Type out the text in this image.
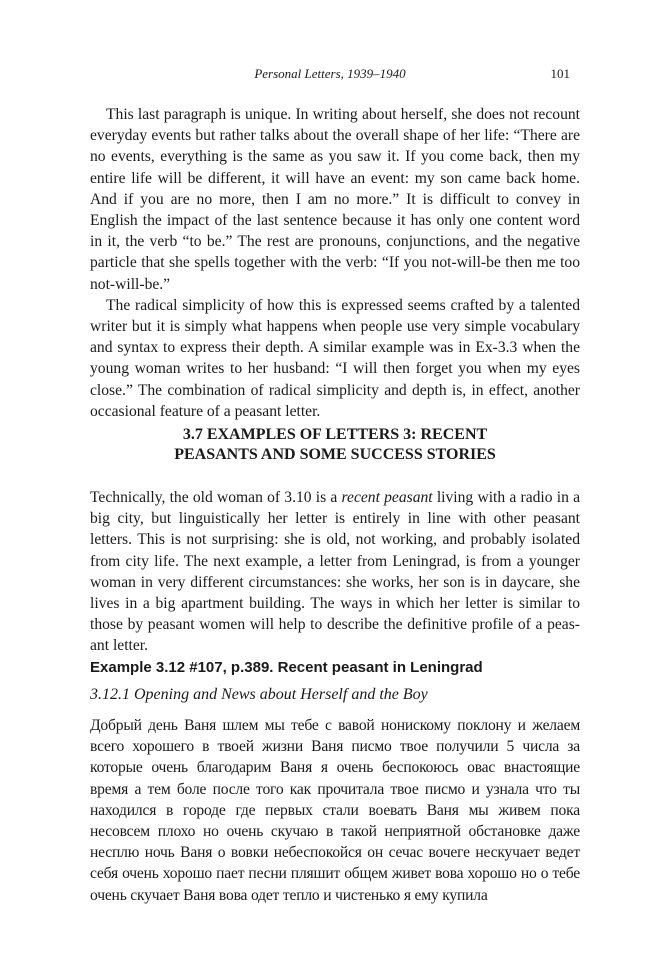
Personal Letters, 1939–1940	101

This last paragraph is unique. In writing about herself, she does not recount everyday events but rather talks about the overall shape of her life: “There are no events, everything is the same as you saw it. If you come back, then my entire life will be different, it will have an event: my son came back home. And if you are no more, then I am no more.” It is difficult to convey in English the impact of the last sentence because it has only one content word in it, the verb “to be.” The rest are pronouns, conjunctions, and the negative particle that she spells together with the verb: “If you not-will-be then me too not-will-be.”

The radical simplicity of how this is expressed seems crafted by a talented writer but it is simply what happens when people use very simple vocabulary and syntax to express their depth. A similar example was in Ex-3.3 when the young woman writes to her husband: “I will then forget you when my eyes close.” The combination of radical simplicity and depth is, in effect, another occasional feature of a peasant letter.

3.7 EXAMPLES OF LETTERS 3: RECENT
PEASANTS AND SOME SUCCESS STORIES

Technically, the old woman of 3.10 is a recent peasant living with a radio in a big city, but linguistically her letter is entirely in line with other peasant letters. This is not surprising: she is old, not working, and probably isolated from city life. The next example, a letter from Leningrad, is from a younger woman in very different circumstances: she works, her son is in daycare, she lives in a big apartment building. The ways in which her letter is similar to those by peasant women will help to describe the definitive profile of a peas-ant letter.

Example 3.12 #107, p.389. Recent peasant in Leningrad
3.12.1 Opening and News about Herself and the Boy

Добрый день Ваня шлем мы тебе с вавой нoнискому поклону и желаем всего хорошего в твоей жизни Ваня писмо твое получили 5 числа за которые очень благодарим Ваня я очень беспокоюсь овас внастоящие время а тем боле после того как прочитала твое писмо и узнала что ты находился в городе где первых стали воевать Ваня мы живем пока несовсем плохо но очень скучаю в такой неприятной обстановке даже несплю ночь Ваня о вовки небеспокойся он сечас вочеге нескучает ведет себя очень хорошо пает песни пляшит общем живет вова хорошо но о тебе очень скучает Ваня вова одет тепло и чистенько я ему купила
